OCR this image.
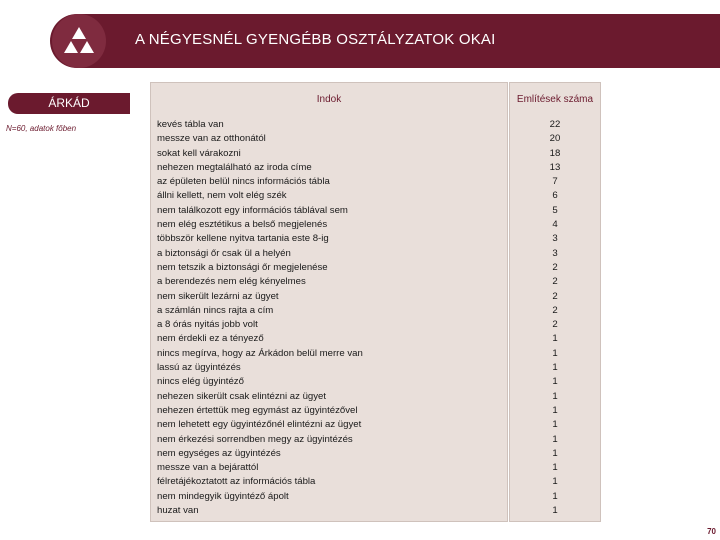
A NÉGYESNÉL GYENGÉBB OSZTÁLYZATOK OKAI
ÁRKÁD
N=60, adatok főben
Indok	Említések száma
kevés tábla van
messze van az otthonától
sokat kell várakozni
nehezen megtalálható az iroda címe
az épületen belül nincs információs tábla
állni kellett, nem volt elég szék
nem találkozott egy információs táblával sem
nem elég esztétikus a belső megjelenés
többször kellene nyitva tartania este 8-ig
a biztonsági őr csak ül a helyén
nem tetszik a biztonsági őr megjelenése
a berendezés nem elég kényelmes
nem sikerült lezárni az ügyet
a számlán nincs rajta a cím
a 8 órás nyitás jobb volt
nem érdekli ez a tényező
nincs megírva, hogy az Árkádon belül merre van
lassú az ügyintézés
nincs elég ügyintéző
nehezen sikerült csak elintézni az ügyet
nehezen értettük meg egymást az ügyintézővel
nem lehetett egy ügyintézőnél elintézni az ügyet
nem érkezési sorrendben megy az ügyintézés
nem egységes az ügyintézés
messze van a bejárattól
félretájékoztatott az információs tábla
nem mindegyik ügyintéző ápolt
huzat van
22
20
18
13
7
6
5
4
3
3
2
2
2
2
2
1
1
1
1
1
1
1
1
1
1
1
1
1
70
